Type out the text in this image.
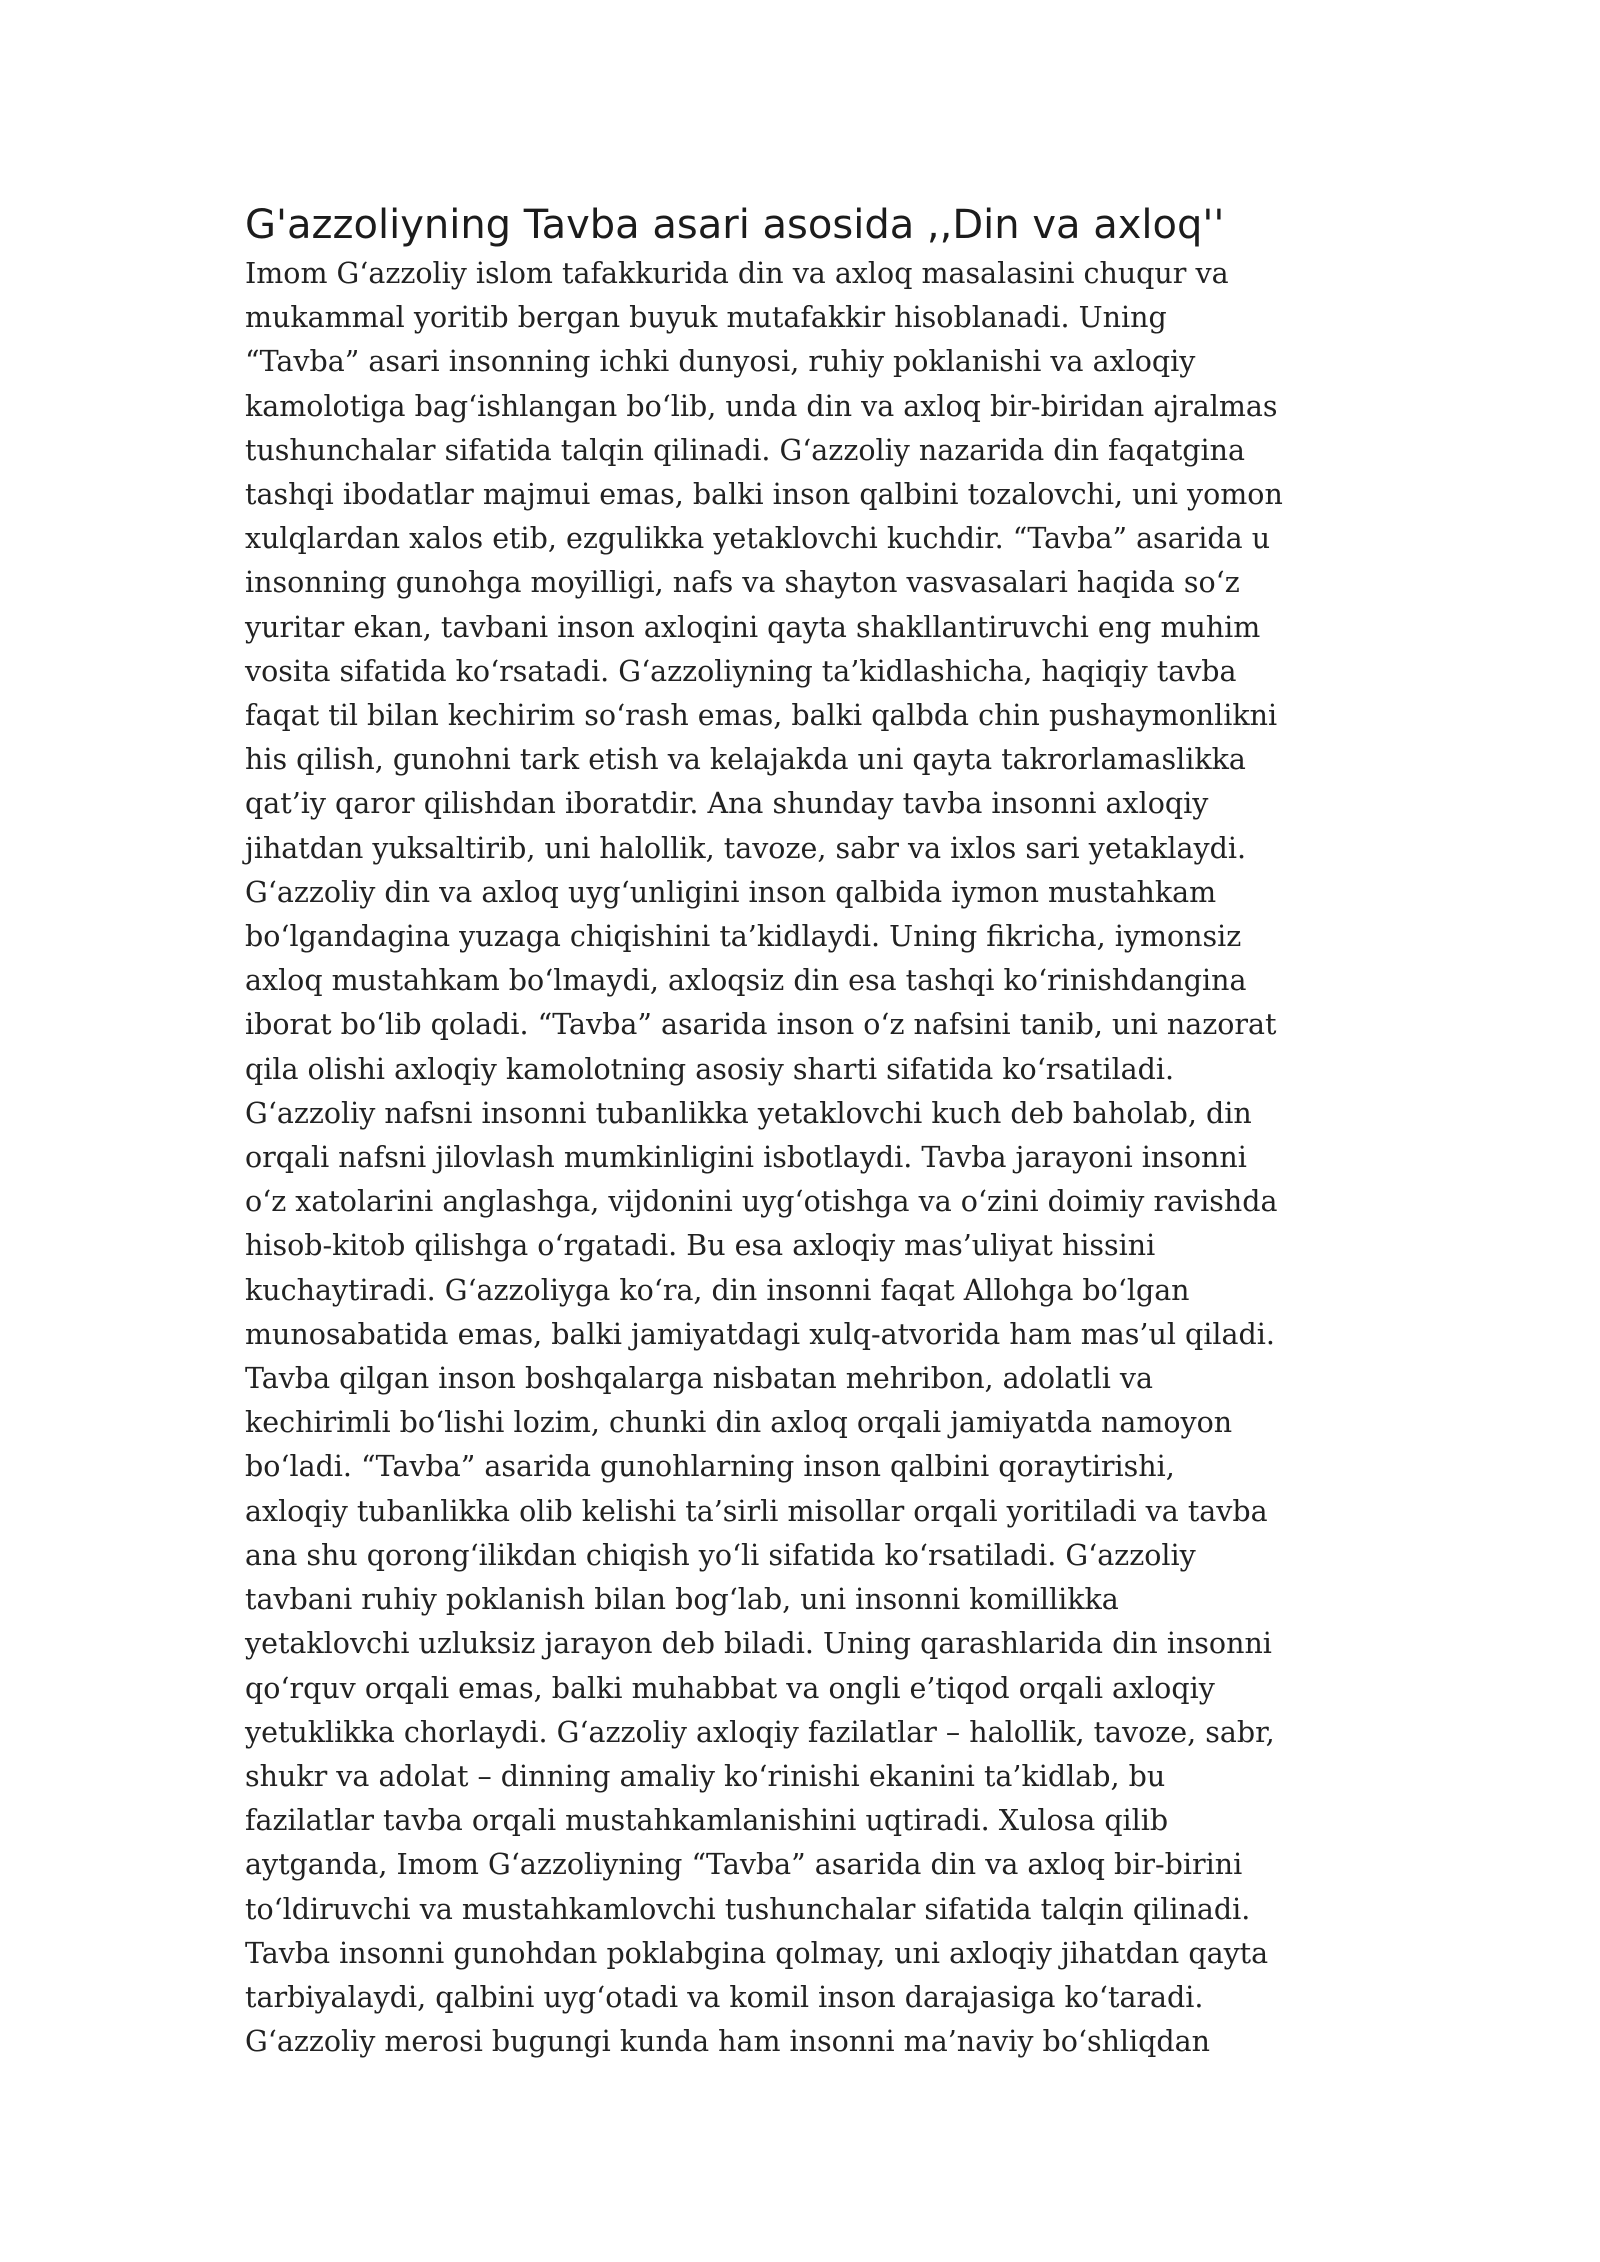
G'azzoliyning Tavba asari asosida ,,Din va axloq''

Imom G‘azzoliy islom tafakkurida din va axloq masalasini chuqur va
mukammal yoritib bergan buyuk mutafakkir hisoblanadi. Uning
“Tavba” asari insonning ichki dunyosi, ruhiy poklanishi va axloqiy
kamolotiga bag‘ishlangan bo‘lib, unda din va axloq bir-biridan ajralmas
tushunchalar sifatida talqin qilinadi. G‘azzoliy nazarida din faqatgina
tashqi ibodatlar majmui emas, balki inson qalbini tozalovchi, uni yomon
xulqlardan xalos etib, ezgulikka yetaklovchi kuchdir. “Tavba” asarida u
insonning gunohga moyilligi, nafs va shayton vasvasalari haqida so‘z
yuritar ekan, tavbani inson axloqini qayta shakllantiruvchi eng muhim
vosita sifatida ko‘rsatadi. G‘azzoliyning ta’kidlashicha, haqiqiy tavba
faqat til bilan kechirim so‘rash emas, balki qalbda chin pushaymonlikni
his qilish, gunohni tark etish va kelajakda uni qayta takrorlamaslikka
qat’iy qaror qilishdan iboratdir. Ana shunday tavba insonni axloqiy
jihatdan yuksaltirib, uni halollik, tavoze, sabr va ixlos sari yetaklaydi.
G‘azzoliy din va axloq uyg‘unligini inson qalbida iymon mustahkam
bo‘lgandagina yuzaga chiqishini ta’kidlaydi. Uning fikricha, iymonsiz
axloq mustahkam bo‘lmaydi, axloqsiz din esa tashqi ko‘rinishdangina
iborat bo‘lib qoladi. “Tavba” asarida inson o‘z nafsini tanib, uni nazorat
qila olishi axloqiy kamolotning asosiy sharti sifatida ko‘rsatiladi.
G‘azzoliy nafsni insonni tubanlikka yetaklovchi kuch deb baholab, din
orqali nafsni jilovlash mumkinligini isbotlaydi. Tavba jarayoni insonni
o‘z xatolarini anglashga, vijdonini uyg‘otishga va o‘zini doimiy ravishda
hisob-kitob qilishga o‘rgatadi. Bu esa axloqiy mas’uliyat hissini
kuchaytiradi. G‘azzoliyga ko‘ra, din insonni faqat Allohga bo‘lgan
munosabatida emas, balki jamiyatdagi xulq-atvorida ham mas’ul qiladi.
Tavba qilgan inson boshqalarga nisbatan mehribon, adolatli va
kechirimli bo‘lishi lozim, chunki din axloq orqali jamiyatda namoyon
bo‘ladi. “Tavba” asarida gunohlarning inson qalbini qoraytirishi,
axloqiy tubanlikka olib kelishi ta’sirli misollar orqali yoritiladi va tavba
ana shu qorong‘ilikdan chiqish yo‘li sifatida ko‘rsatiladi. G‘azzoliy
tavbani ruhiy poklanish bilan bog‘lab, uni insonni komillikka
yetaklovchi uzluksiz jarayon deb biladi. Uning qarashlarida din insonni
qo‘rquv orqali emas, balki muhabbat va ongli e’tiqod orqali axloqiy
yetuklikka chorlaydi. G‘azzoliy axloqiy fazilatlar – halollik, tavoze, sabr,
shukr va adolat – dinning amaliy ko‘rinishi ekanini ta’kidlab, bu
fazilatlar tavba orqali mustahkamlanishini uqtiradi. Xulosa qilib
aytganda, Imom G‘azzoliyning “Tavba” asarida din va axloq bir-birini
to‘ldiruvchi va mustahkamlovchi tushunchalar sifatida talqin qilinadi.
Tavba insonni gunohdan poklabgina qolmay, uni axloqiy jihatdan qayta
tarbiyalaydi, qalbini uyg‘otadi va komil inson darajasiga ko‘taradi.
G‘azzoliy merosi bugungi kunda ham insonni ma’naviy bo‘shliqdan
